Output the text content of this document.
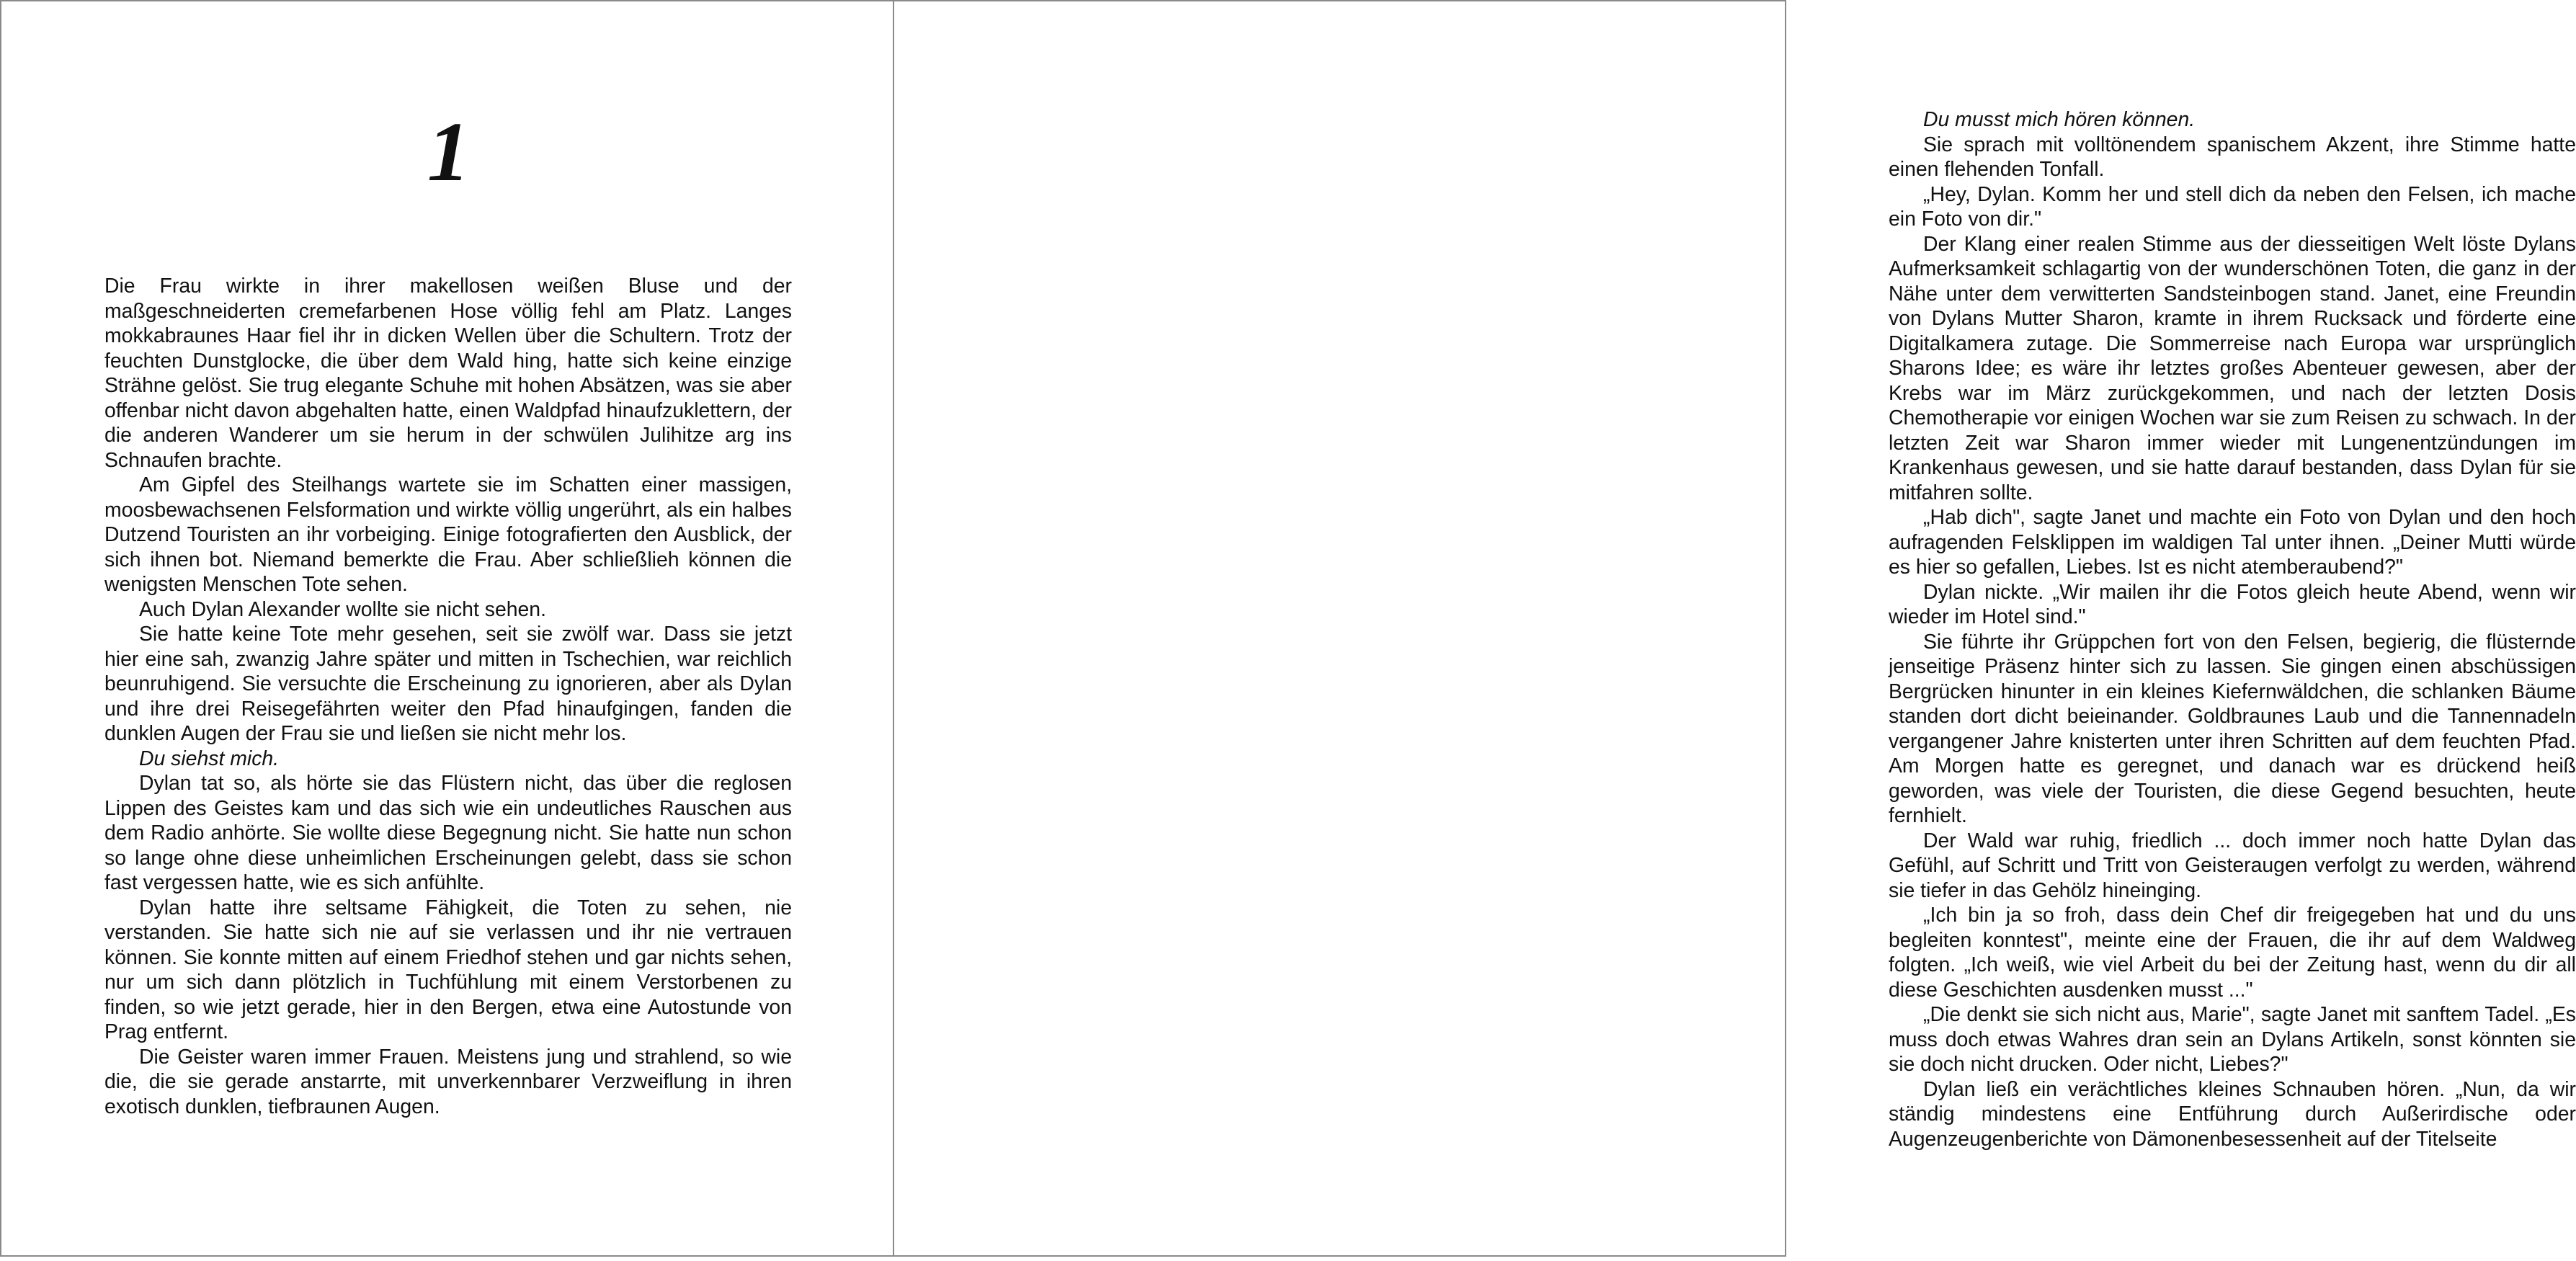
1

Die Frau wirkte in ihrer makellosen weißen Bluse und der maßgeschneiderten cremefarbenen Hose völlig fehl am Platz. Langes mokkabraunes Haar fiel ihr in dicken Wellen über die Schultern. Trotz der feuchten Dunstglocke, die über dem Wald hing, hatte sich keine einzige Strähne gelöst. Sie trug elegante Schuhe mit hohen Absätzen, was sie aber offenbar nicht davon abgehalten hatte, einen Waldpfad hinaufzuklettern, der die anderen Wanderer um sie herum in der schwülen Julihitze arg ins Schnaufen brachte.

Am Gipfel des Steilhangs wartete sie im Schatten einer massigen, moosbewachsenen Felsformation und wirkte völlig ungerührt, als ein halbes Dutzend Touristen an ihr vorbeiging. Einige fotografierten den Ausblick, der sich ihnen bot. Niemand bemerkte die Frau. Aber schließlieh können die wenigsten Menschen Tote sehen.

Auch Dylan Alexander wollte sie nicht sehen.

Sie hatte keine Tote mehr gesehen, seit sie zwölf war. Dass sie jetzt hier eine sah, zwanzig Jahre später und mitten in Tschechien, war reichlich beunruhigend. Sie versuchte die Erscheinung zu ignorieren, aber als Dylan und ihre drei Reisegefährten weiter den Pfad hinaufgingen, fanden die dunklen Augen der Frau sie und ließen sie nicht mehr los.

Du siehst mich.

Dylan tat so, als hörte sie das Flüstern nicht, das über die reglosen Lippen des Geistes kam und das sich wie ein undeutliches Rauschen aus dem Radio anhörte. Sie wollte diese Begegnung nicht. Sie hatte nun schon so lange ohne diese unheimlichen Erscheinungen gelebt, dass sie schon fast vergessen hatte, wie es sich anfühlte.

Dylan hatte ihre seltsame Fähigkeit, die Toten zu sehen, nie verstanden. Sie hatte sich nie auf sie verlassen und ihr nie vertrauen können. Sie konnte mitten auf einem Friedhof stehen und gar nichts sehen, nur um sich dann plötzlich in Tuchfühlung mit einem Verstorbenen zu finden, so wie jetzt gerade, hier in den Bergen, etwa eine Autostunde von Prag entfernt.

Die Geister waren immer Frauen. Meistens jung und strahlend, so wie die, die sie gerade anstarrte, mit unverkennbarer Verzweiflung in ihren exotisch dunklen, tiefbraunen Augen.

Du musst mich hören können.

Sie sprach mit volltönendem spanischem Akzent, ihre Stimme hatte einen flehenden Tonfall.

„Hey, Dylan. Komm her und stell dich da neben den Felsen, ich mache ein Foto von dir."

Der Klang einer realen Stimme aus der diesseitigen Welt löste Dylans Aufmerksamkeit schlagartig von der wunderschönen Toten, die ganz in der Nähe unter dem verwitterten Sandsteinbogen stand. Janet, eine Freundin von Dylans Mutter Sharon, kramte in ihrem Rucksack und förderte eine Digitalkamera zutage. Die Sommerreise nach Europa war ursprünglich Sharons Idee; es wäre ihr letztes großes Abenteuer gewesen, aber der Krebs war im März zurückgekommen, und nach der letzten Dosis Chemotherapie vor einigen Wochen war sie zum Reisen zu schwach. In der letzten Zeit war Sharon immer wieder mit Lungenentzündungen im Krankenhaus gewesen, und sie hatte darauf bestanden, dass Dylan für sie mitfahren sollte.

„Hab dich", sagte Janet und machte ein Foto von Dylan und den hoch aufragenden Felsklippen im waldigen Tal unter ihnen. „Deiner Mutti würde es hier so gefallen, Liebes. Ist es nicht atemberaubend?"

Dylan nickte. „Wir mailen ihr die Fotos gleich heute Abend, wenn wir wieder im Hotel sind."

Sie führte ihr Grüppchen fort von den Felsen, begierig, die flüsternde jenseitige Präsenz hinter sich zu lassen. Sie gingen einen abschüssigen Bergrücken hinunter in ein kleines Kiefernwäldchen, die schlanken Bäume standen dort dicht beieinander. Goldbraunes Laub und die Tannennadeln vergangener Jahre knisterten unter ihren Schritten auf dem feuchten Pfad. Am Morgen hatte es geregnet, und danach war es drückend heiß geworden, was viele der Touristen, die diese Gegend besuchten, heute fernhielt.

Der Wald war ruhig, friedlich ... doch immer noch hatte Dylan das Gefühl, auf Schritt und Tritt von Geisteraugen verfolgt zu werden, während sie tiefer in das Gehölz hineinging.

„Ich bin ja so froh, dass dein Chef dir freigegeben hat und du uns begleiten konntest", meinte eine der Frauen, die ihr auf dem Waldweg folgten. „Ich weiß, wie viel Arbeit du bei der Zeitung hast, wenn du dir all diese Geschichten ausdenken musst ..."

„Die denkt sie sich nicht aus, Marie", sagte Janet mit sanftem Tadel. „Es muss doch etwas Wahres dran sein an Dylans Artikeln, sonst könnten sie sie doch nicht drucken. Oder nicht, Liebes?"

Dylan ließ ein verächtliches kleines Schnauben hören. „Nun, da wir ständig mindestens eine Entführung durch Außerirdische oder Augenzeugenberichte von Dämonenbesessenheit auf der Titelseite
